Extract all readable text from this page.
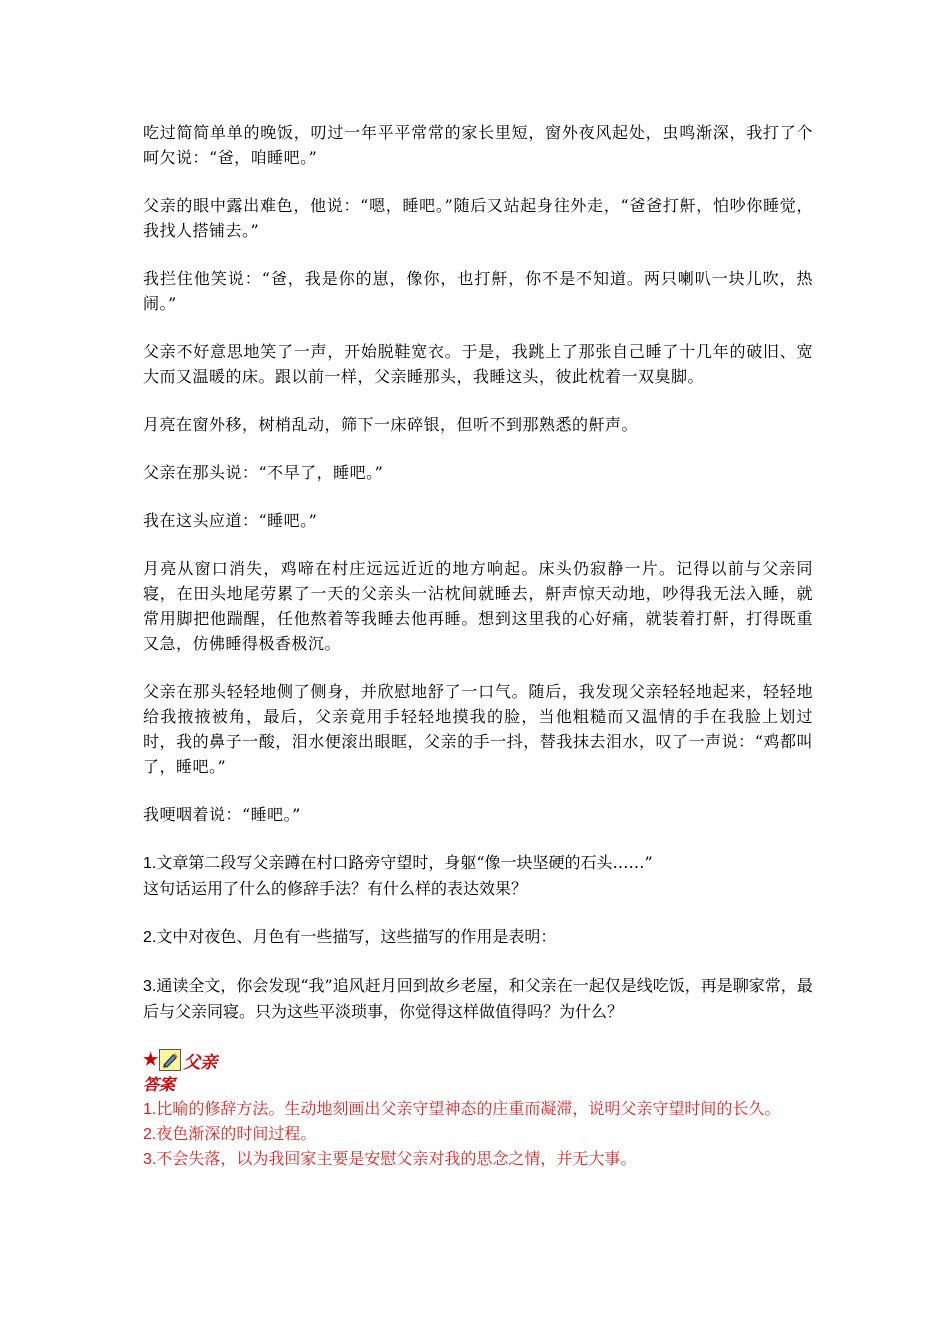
吃过简简单单的晚饭，叨过一年平平常常的家长里短，窗外夜风起处，虫鸣渐深，我打了个呵欠说：“爸，咱睡吧。”

父亲的眼中露出难色，他说：“嗯，睡吧。”随后又站起身往外走，“爸爸打鼾，怕吵你睡觉，我找人搭铺去。”

我拦住他笑说：“爸，我是你的崽，像你，也打鼾，你不是不知道。两只喇叭一块儿吹，热闹。”

父亲不好意思地笑了一声，开始脱鞋宽衣。于是，我跳上了那张自己睡了十几年的破旧、宽大而又温暖的床。跟以前一样，父亲睡那头，我睡这头，彼此枕着一双臭脚。

月亮在窗外移，树梢乱动，筛下一床碎银，但听不到那熟悉的鼾声。

父亲在那头说：“不早了，睡吧。”

我在这头应道：“睡吧。”

月亮从窗口消失，鸡啼在村庄远远近近的地方响起。床头仍寂静一片。记得以前与父亲同寝，在田头地尾劳累了一天的父亲头一沾枕间就睡去，鼾声惊天动地，吵得我无法入睡，就常用脚把他踹醒，任他熬着等我睡去他再睡。想到这里我的心好痛，就装着打鼾，打得既重又急，仿佛睡得极香极沉。

父亲在那头轻轻地侧了侧身，并欣慰地舒了一口气。随后，我发现父亲轻轻地起来，轻轻地给我掖掖被角，最后，父亲竟用手轻轻地摸我的脸，当他粗糙而又温情的手在我脸上划过时，我的鼻子一酸，泪水便滚出眼眶，父亲的手一抖，替我抹去泪水，叹了一声说：“鸡都叫了，睡吧。”

我哽咽着说：“睡吧。”

1.文章第二段写父亲蹲在村口路旁守望时，身躯“像一块坚硬的石头……”
这句话运用了什么的修辞手法？有什么样的表达效果？
2.文中对夜色、月色有一些描写，这些描写的作用是表明：
3.通读全文，你会发现“我”追风赶月回到故乡老屋，和父亲在一起仅是线吃饭，再是聊家常，最后与父亲同寝。只为这些平淡琐事，你觉得这样做值得吗？为什么？
★ 父亲

答案

1.比喻的修辞方法。生动地刻画出父亲守望神态的庄重而凝滞，说明父亲守望时间的长久。

2.夜色渐深的时间过程。

3.不会失落，以为我回家主要是安慰父亲对我的思念之情，并无大事。
